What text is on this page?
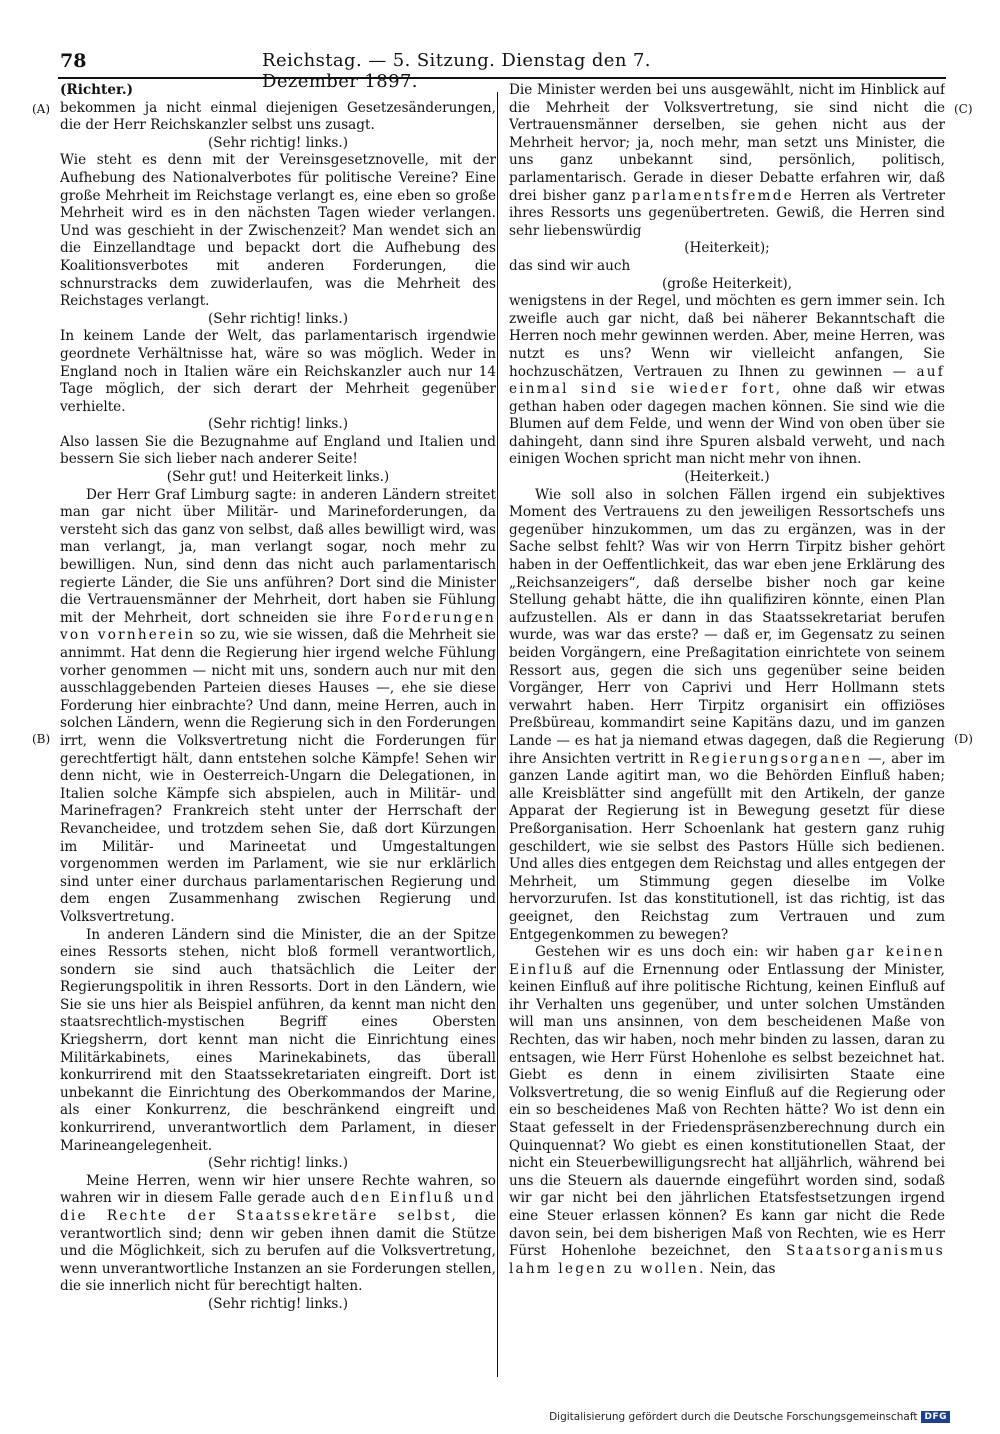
78	Reichstag. — 5. Sitzung. Dienstag den 7. Dezember 1897.
(A)
(B)
(C)
(D)

(Richter.)

bekommen ja nicht einmal diejenigen Gesetzesänderungen, die der Herr Reichskanzler selbst uns zusagt.

(Sehr richtig! links.)

Wie steht es denn mit der Vereinsgesetznovelle, mit der Aufhebung des Nationalverbotes für politische Vereine? Eine große Mehrheit im Reichstage verlangt es, eine eben so große Mehrheit wird es in den nächsten Tagen wieder verlangen. Und was geschieht in der Zwischenzeit? Man wendet sich an die Einzellandtage und bepackt dort die Aufhebung des Koalitionsverbotes mit anderen Forderungen, die schnurstracks dem zuwiderlaufen, was die Mehrheit des Reichstages verlangt.

(Sehr richtig! links.)

In keinem Lande der Welt, das parlamentarisch irgendwie geordnete Verhältnisse hat, wäre so was möglich. Weder in England noch in Italien wäre ein Reichskanzler auch nur 14 Tage möglich, der sich derart der Mehrheit gegenüber verhielte.

(Sehr richtig! links.)

Also lassen Sie die Bezugnahme auf England und Italien und bessern Sie sich lieber nach anderer Seite!

(Sehr gut! und Heiterkeit links.)

Der Herr Graf Limburg sagte: in anderen Ländern streitet man gar nicht über Militär- und Marineforderungen, da versteht sich das ganz von selbst, daß alles bewilligt wird, was man verlangt, ja, man verlangt sogar, noch mehr zu bewilligen. Nun, sind denn das nicht auch parlamentarisch regierte Länder, die Sie uns anführen? Dort sind die Minister die Vertrauensmänner der Mehrheit, dort haben sie Fühlung mit der Mehrheit, dort schneiden sie ihre Forderungen von vornherein so zu, wie sie wissen, daß die Mehrheit sie annimmt. Hat denn die Regierung hier irgend welche Fühlung vorher genommen — nicht mit uns, sondern auch nur mit den ausschlaggebenden Parteien dieses Hauses —, ehe sie diese Forderung hier einbrachte? Und dann, meine Herren, auch in solchen Ländern, wenn die Regierung sich in den Forderungen irrt, wenn die Volksvertretung nicht die Forderungen für gerechtfertigt hält, dann entstehen solche Kämpfe! Sehen wir denn nicht, wie in Oesterreich-Ungarn die Delegationen, in Italien solche Kämpfe sich abspielen, auch in Militär- und Marinefragen? Frankreich steht unter der Herrschaft der Revancheidee, und trotzdem sehen Sie, daß dort Kürzungen im Militär- und Marineetat und Umgestaltungen vorgenommen werden im Parlament, wie sie nur erklärlich sind unter einer durchaus parlamentarischen Regierung und dem engen Zusammenhang zwischen Regierung und Volksvertretung.

In anderen Ländern sind die Minister, die an der Spitze eines Ressorts stehen, nicht bloß formell verantwortlich, sondern sie sind auch thatsächlich die Leiter der Regierungspolitik in ihren Ressorts. Dort in den Ländern, wie Sie sie uns hier als Beispiel anführen, da kennt man nicht den staatsrechtlich-mystischen Begriff eines Obersten Kriegsherrn, dort kennt man nicht die Einrichtung eines Militärkabinets, eines Marinekabinets, das überall konkurrirend mit den Staatssekretariaten eingreift. Dort ist unbekannt die Einrichtung des Oberkommandos der Marine, als einer Konkurrenz, die beschränkend eingreift und konkurrirend, unverantwortlich dem Parlament, in dieser Marineangelegenheit.

(Sehr richtig! links.)

Meine Herren, wenn wir hier unsere Rechte wahren, so wahren wir in diesem Falle gerade auch den Einfluß und die Rechte der Staatssekretäre selbst, die verantwortlich sind; denn wir geben ihnen damit die Stütze und die Möglichkeit, sich zu berufen auf die Volksvertretung, wenn unverantwortliche Instanzen an sie Forderungen stellen, die sie innerlich nicht für berechtigt halten.

(Sehr richtig! links.)

Die Minister werden bei uns ausgewählt, nicht im Hinblick auf die Mehrheit der Volksvertretung, sie sind nicht die Vertrauensmänner derselben, sie gehen nicht aus der Mehrheit hervor; ja, noch mehr, man setzt uns Minister, die uns ganz unbekannt sind, persönlich, politisch, parlamentarisch. Gerade in dieser Debatte erfahren wir, daß drei bisher ganz parlamentsfremde Herren als Vertreter ihres Ressorts uns gegenübertreten. Gewiß, die Herren sind sehr liebenswürdig

(Heiterkeit);

das sind wir auch

(große Heiterkeit),

wenigstens in der Regel, und möchten es gern immer sein. Ich zweifle auch gar nicht, daß bei näherer Bekanntschaft die Herren noch mehr gewinnen werden. Aber, meine Herren, was nutzt es uns? Wenn wir vielleicht anfangen, Sie hochzuschätzen, Vertrauen zu Ihnen zu gewinnen — auf einmal sind sie wieder fort, ohne daß wir etwas gethan haben oder dagegen machen können. Sie sind wie die Blumen auf dem Felde, und wenn der Wind von oben über sie dahingeht, dann sind ihre Spuren alsbald verweht, und nach einigen Wochen spricht man nicht mehr von ihnen.

(Heiterkeit.)

Wie soll also in solchen Fällen irgend ein subjektives Moment des Vertrauens zu den jeweiligen Ressortschefs uns gegenüber hinzukommen, um das zu ergänzen, was in der Sache selbst fehlt? Was wir von Herrn Tirpitz bisher gehört haben in der Oeffentlichkeit, das war eben jene Erklärung des „Reichsanzeigers“, daß derselbe bisher noch gar keine Stellung gehabt hätte, die ihn qualifiziren könnte, einen Plan aufzustellen. Als er dann in das Staatssekretariat berufen wurde, was war das erste? — daß er, im Gegensatz zu seinen beiden Vorgängern, eine Preßagitation einrichtete von seinem Ressort aus, gegen die sich uns gegenüber seine beiden Vorgänger, Herr von Caprivi und Herr Hollmann stets verwahrt haben. Herr Tirpitz organisirt ein offiziöses Preßbüreau, kommandirt seine Kapitäns dazu, und im ganzen Lande — es hat ja niemand etwas dagegen, daß die Regierung ihre Ansichten vertritt in Regierungsorganen —, aber im ganzen Lande agitirt man, wo die Behörden Einfluß haben; alle Kreisblätter sind angefüllt mit den Artikeln, der ganze Apparat der Regierung ist in Bewegung gesetzt für diese Preßorganisation. Herr Schoenlank hat gestern ganz ruhig geschildert, wie sie selbst des Pastors Hülle sich bedienen. Und alles dies entgegen dem Reichstag und alles entgegen der Mehrheit, um Stimmung gegen dieselbe im Volke hervorzurufen. Ist das konstitutionell, ist das richtig, ist das geeignet, den Reichstag zum Vertrauen und zum Entgegenkommen zu bewegen?

Gestehen wir es uns doch ein: wir haben gar keinen Einfluß auf die Ernennung oder Entlassung der Minister, keinen Einfluß auf ihre politische Richtung, keinen Einfluß auf ihr Verhalten uns gegenüber, und unter solchen Umständen will man uns ansinnen, von dem bescheidenen Maße von Rechten, das wir haben, noch mehr binden zu lassen, daran zu entsagen, wie Herr Fürst Hohenlohe es selbst bezeichnet hat. Giebt es denn in einem zivilisirten Staate eine Volksvertretung, die so wenig Einfluß auf die Regierung oder ein so bescheidenes Maß von Rechten hätte? Wo ist denn ein Staat gefesselt in der Friedenspräsenzberechnung durch ein Quinquennat? Wo giebt es einen konstitutionellen Staat, der nicht ein Steuerbewilligungsrecht hat alljährlich, während bei uns die Steuern als dauernde eingeführt worden sind, sodaß wir gar nicht bei den jährlichen Etatsfestsetzungen irgend eine Steuer erlassen können? Es kann gar nicht die Rede davon sein, bei dem bisherigen Maß von Rechten, wie es Herr Fürst Hohenlohe bezeichnet, den Staatsorganismus lahm legen zu wollen. Nein, das

Digitalisierung gefördert durch die Deutsche Forschungsgemeinschaft DFG
